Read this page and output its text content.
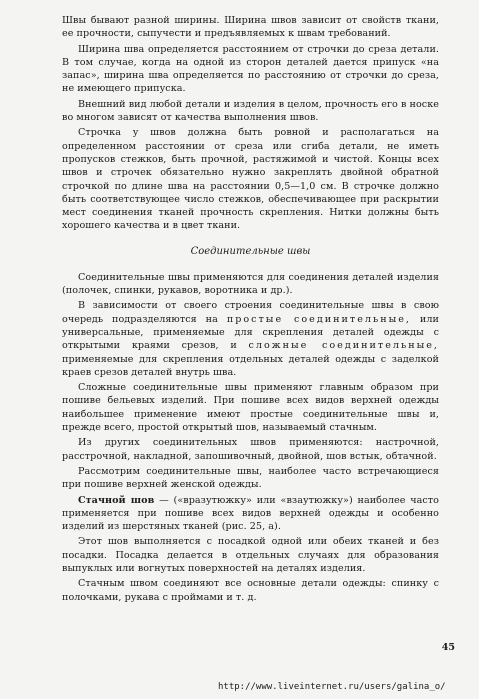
Швы бывают разной ширины. Ширина швов зависит от свойств ткани, ее прочности, сыпучести и предъявляемых к швам требований.

Ширина шва определяется расстоянием от строчки до среза детали. В том случае, когда на одной из сторон деталей дается припуск «на запас», ширина шва определяется по расстоянию от строчки до среза, не имеющего припуска.

Внешний вид любой детали и изделия в целом, прочность его в носке во многом зависят от качества выполнения швов.

Строчка у швов должна быть ровной и располагаться на определенном расстоянии от среза или сгиба детали, не иметь пропусков стежков, быть прочной, растяжимой и чистой. Концы всех швов и строчек обязательно нужно закреплять двойной обратной строчкой по длине шва на расстоянии 0,5—1,0 см. В строчке должно быть соответствующее число стежков, обеспечивающее при раскрытии мест соединения тканей прочность скрепления. Нитки должны быть хорошего качества и в цвет ткани.

Соединительные швы

Соединительные швы применяются для соединения деталей изделия (полочек, спинки, рукавов, воротника и др.).

В зависимости от своего строения соединительные швы в свою очередь подразделяются на простые соединительные, или универсальные, применяемые для скрепления деталей одежды с открытыми краями срезов, и сложные соединительные, применяемые для скрепления отдельных деталей одежды с заделкой краев срезов деталей внутрь шва.

Сложные соединительные швы применяют главным образом при пошиве бельевых изделий. При пошиве всех видов верхней одежды наибольшее применение имеют простые соединительные швы и, прежде всего, простой открытый шов, называемый стачным.

Из других соединительных швов применяются: настрочной, расстрочной, накладной, запошивочный, двойной, шов встык, обтачной.

Рассмотрим соединительные швы, наиболее часто встречающиеся при пошиве верхней женской одежды.

Стачной шов — («вразутюжку» или «взаутюжку») наиболее часто применяется при пошиве всех видов верхней одежды и особенно изделий из шерстяных тканей (рис. 25, а).

Этот шов выполняется с посадкой одной или обеих тканей и без посадки. Посадка делается в отдельных случаях для образования выпуклых или вогнутых поверхностей на деталях изделия.

Стачным швом соединяют все основные детали одежды: спинку с полочками, рукава с проймами и т. д.

45
http://www.liveinternet.ru/users/galina_o/
